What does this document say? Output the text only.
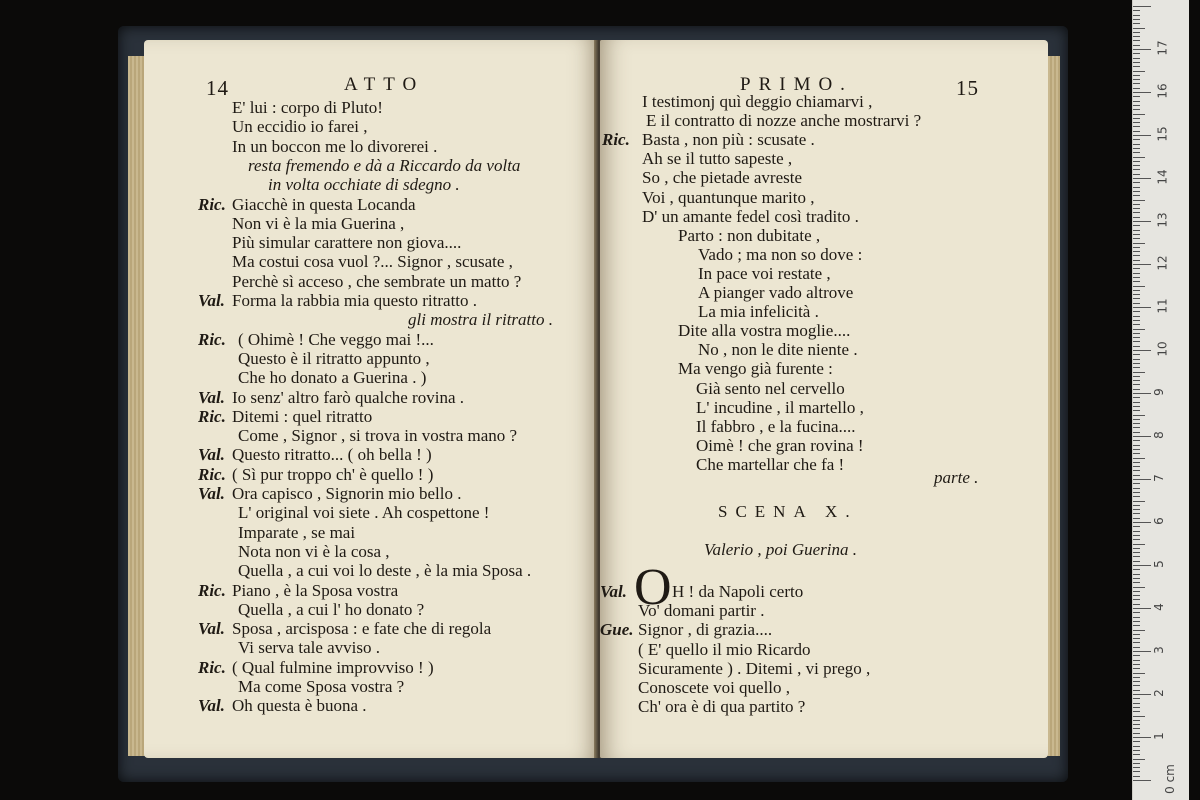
14	ATTO
E' lui : corpo di Pluto!
Un eccidio io farei ,
In un boccon me lo divorerei .
resta fremendo e dà a Riccardo da volta
in volta occhiate di sdegno .
Ric. Giacchè in questa Locanda
Non vi è la mia Guerina ,
Più simular carattere non giova....
Ma costui cosa vuol ?... Signor , scusate ,
Perchè sì acceso , che sembrate un matto ?
Val. Forma la rabbia mia questo ritratto .
gli mostra il ritratto .
Ric. ( Ohimè ! Che veggo mai !...
Questo è il ritratto appunto ,
Che ho donato a Guerina . )
Val. Io senz' altro farò qualche rovina .
Ric. Ditemi : quel ritratto
Come , Signor , si trova in vostra mano ?
Val. Questo ritratto... ( oh bella ! )
Ric. ( Sì pur troppo ch' è quello ! )
Val. Ora capisco , Signorin mio bello .
L' original voi siete . Ah cospettone !
Imparate , se mai
Nota non vi è la cosa ,
Quella , a cui voi lo deste , è la mia Sposa .
Ric. Piano , è la Sposa vostra
Quella , a cui l' ho donato ?
Val. Sposa , arcisposa : e fate che di regola
Vi serva tale avviso .
Ric. ( Qual fulmine improvviso ! )
Ma come Sposa vostra ?
Val. Oh questa è buona .
PRIMO.	15
I testimonj quì deggio chiamarvi ,
E il contratto di nozze anche mostrarvi ?
Ric. Basta , non più : scusate .
Ah se il tutto sapeste ,
So , che pietade avreste
Voi , quantunque marito ,
D' un amante fedel così tradito .
Parto : non dubitate ,
Vado ; ma non so dove :
In pace voi restate ,
A pianger vado altrove
La mia infelicità .
Dite alla vostra moglie....
No , non le dite niente .
Ma vengo già furente :
Già sento nel cervello
L' incudine , il martello ,
Il fabbro , e la fucina....
Oimè ! che gran rovina !
Che martellar che fa !
parte .
SCENA X.
Valerio , poi Guerina .
Val. O H ! da Napoli certo
Vo' domani partir .
Gue. Signor , di grazia....
( E' quello il mio Ricardo
Sicuramente ) . Ditemi , vi prego ,
Conoscete voi quello ,
Ch' ora è di qua partito ?
0 cm
1
2
3
4
5
6
7
8
9
10
11
12
13
14
15
16
17
